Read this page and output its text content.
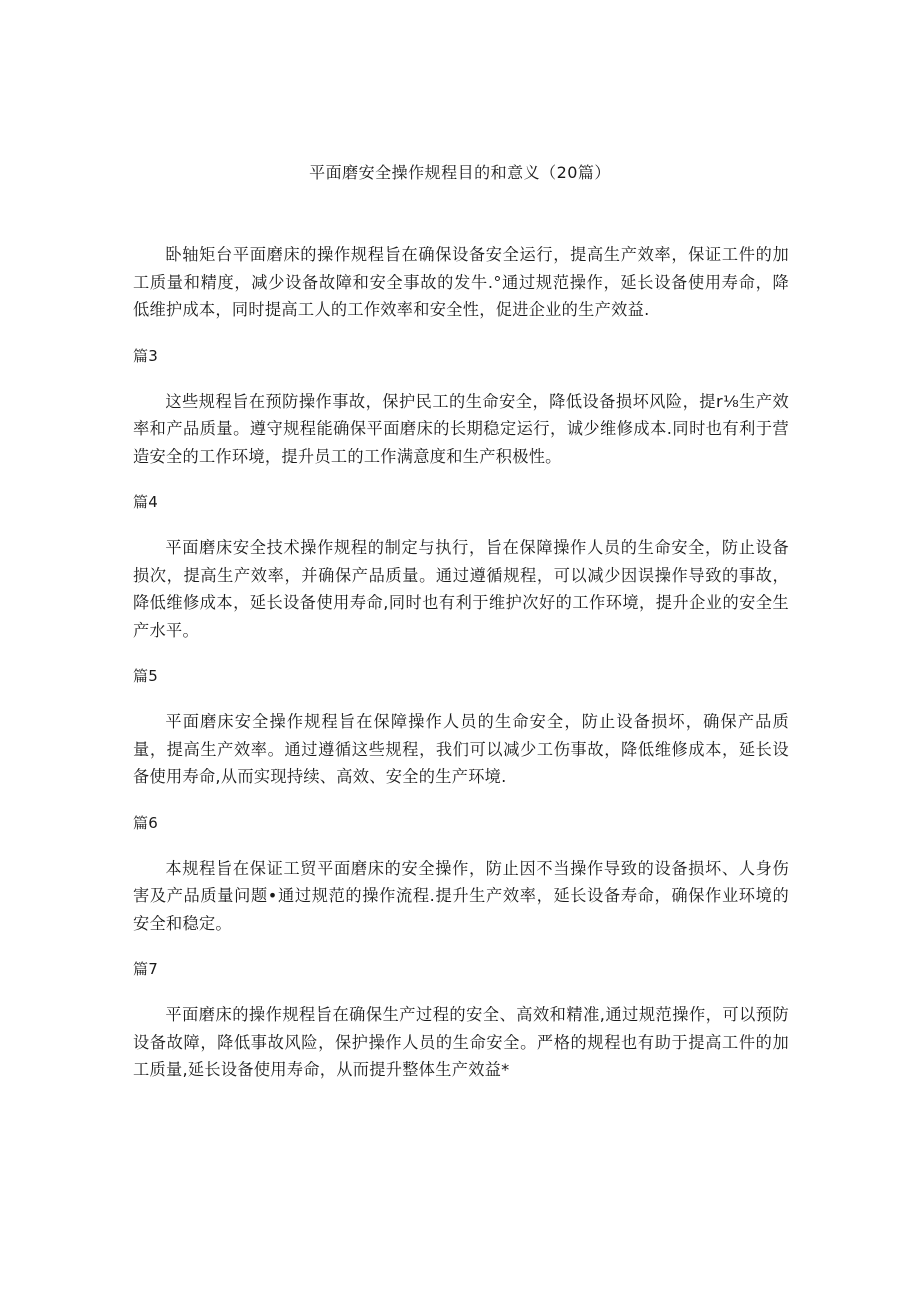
平面磨安全操作规程目的和意义（20篇）

卧轴矩台平面磨床的操作规程旨在确保设备安全运行，提高生产效率，保证工件的加工质量和精度，减少设备故障和安全事故的发牛.°通过规范操作，延长设备使用寿命，降低维护成本，同时提高工人的工作效率和安全性，促进企业的生产效益.

篇3

这些规程旨在预防操作事故，保护民工的生命安全，降低设备损坏风险，提r⅛生产效率和产品质量。遵守规程能确保平面磨床的长期稳定运行，诚少维修成本.同时也有利于营造安全的工作环境，提升员工的工作满意度和生产积极性。

篇4

平面磨床安全技术操作规程的制定与执行，旨在保障操作人员的生命安全，防止设备损次，提高生产效率，并确保产品质量。通过遵循规程，可以减少因误操作导致的事故，降低维修成本，延长设备使用寿命,同时也有利于维护次好的工作环境，提升企业的安全生产水平。

篇5

平面磨床安全操作规程旨在保障操作人员的生命安全，防止设备损坏，确保产品质量，提高生产效率。通过遵循这些规程，我们可以减少工伤事故，降低维修成本，延长设备使用寿命,从而实现持续、高效、安全的生产环境.

篇6

本规程旨在保证工贸平面磨床的安全操作，防止因不当操作导致的设备损坏、人身伤害及产品质量问题•通过规范的操作流程.提升生产效率，延长设备寿命，确保作业环境的安全和稳定。

篇7

平面磨床的操作规程旨在确保生产过程的安全、高效和精准,通过规范操作，可以预防设备故障，降低事故风险，保护操作人员的生命安全。严格的规程也有助于提高工件的加工质量,延长设备使用寿命，从而提升整体生产效益*
